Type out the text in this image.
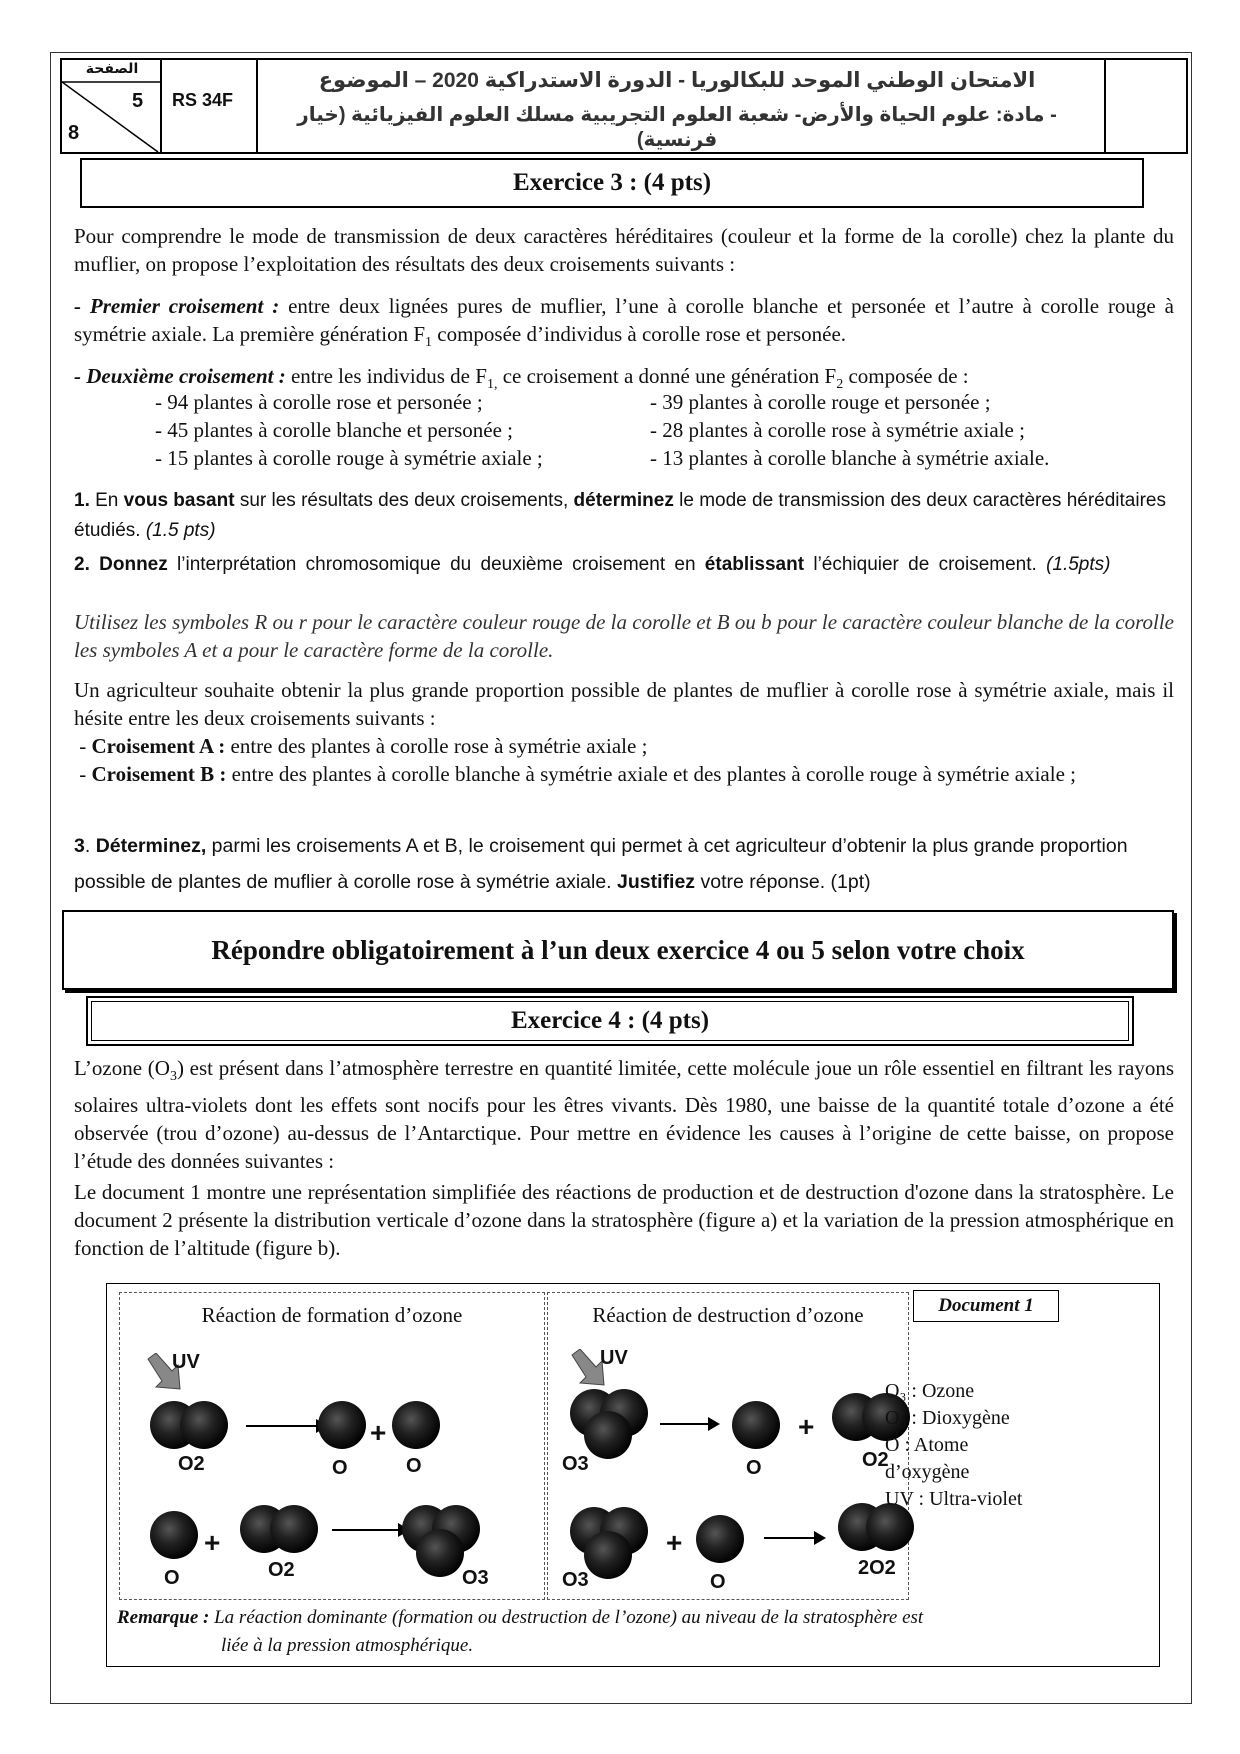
الصفحة
5
8
RS 34F
الامتحان الوطني الموحد للبكالوريا - الدورة الاستدراكية 2020 – الموضوع
- مادة: علوم الحياة والأرض- شعبة العلوم التجريبية مسلك العلوم الفيزيائية (خيار فرنسية)
Exercice 3 : (4 pts)
Pour comprendre le mode de transmission de deux caractères héréditaires (couleur et la forme de la corolle) chez la plante du muflier, on propose l’exploitation des résultats des deux croisements suivants :
- Premier croisement : entre deux lignées pures de muflier, l’une à corolle blanche et personée et l’autre à corolle rouge à symétrie axiale. La première génération $F_1$ composée d’individus à corolle rose et personée.
- Deuxième croisement : entre les individus de $F_{1,}$ ce croisement a donné une génération $F_2$ composée de :
- 94 plantes à corolle rose et personée ;	- 39 plantes à corolle rouge et personée ;
- 45 plantes à corolle blanche et personée ;	- 28 plantes à corolle rose à symétrie axiale ;
- 15 plantes à corolle rouge à symétrie axiale ;	- 13 plantes à corolle blanche à symétrie axiale.
1. En vous basant sur les résultats des deux croisements, déterminez le mode de transmission des deux caractères héréditaires étudiés. (1.5 pts)
2. Donnez l’interprétation chromosomique du deuxième croisement en établissant l’échiquier de croisement. (1.5pts)
Utilisez les symboles R ou r pour le caractère couleur rouge de la corolle et B ou b pour le caractère couleur blanche de la corolle les symboles A et a pour le caractère forme de la corolle.
Un agriculteur souhaite obtenir la plus grande proportion possible de plantes de muflier à corolle rose à symétrie axiale, mais il hésite entre les deux croisements suivants :
- Croisement A : entre des plantes à corolle rose à symétrie axiale ;
- Croisement B : entre des plantes à corolle blanche à symétrie axiale et des plantes à corolle rouge à symétrie axiale ;
3. Déterminez, parmi les croisements A et B, le croisement qui permet à cet agriculteur d’obtenir la plus grande proportion possible de plantes de muflier à corolle rose à symétrie axiale. Justifiez votre réponse. (1pt)
Répondre obligatoirement à l’un deux exercice 4 ou 5 selon votre choix
Exercice 4 : (4 pts)
L’ozone $(O_3)$ est présent dans l’atmosphère terrestre en quantité limitée, cette molécule joue un rôle essentiel en filtrant les rayons solaires ultra-violets dont les effets sont nocifs pour les êtres vivants. Dès 1980, une baisse de la quantité totale d’ozone a été observée (trou d’ozone) au-dessus de l’Antarctique. Pour mettre en évidence les causes à l’origine de cette baisse, on propose l’étude des données suivantes :
Le document 1 montre une représentation simplifiée des réactions de production et de destruction d'ozone dans la stratosphère. Le document 2 présente la distribution verticale d’ozone dans la stratosphère (figure a) et la variation de la pression atmosphérique en fonction de l’altitude (figure b).
Réaction de formation d’ozone
UV
O2	O
+
O
O
+
O2	O3
Réaction de destruction d’ozone
UV
O3	O
+
O2
O3
+
O
2O2
Document 1
O₃ : Ozone
O₂ : Dioxygène
O : Atome
d’oxygène
UV : Ultra-violet
Remarque : La réaction dominante (formation ou destruction de l’ozone) au niveau de la stratosphère est
liée à la pression atmosphérique.
